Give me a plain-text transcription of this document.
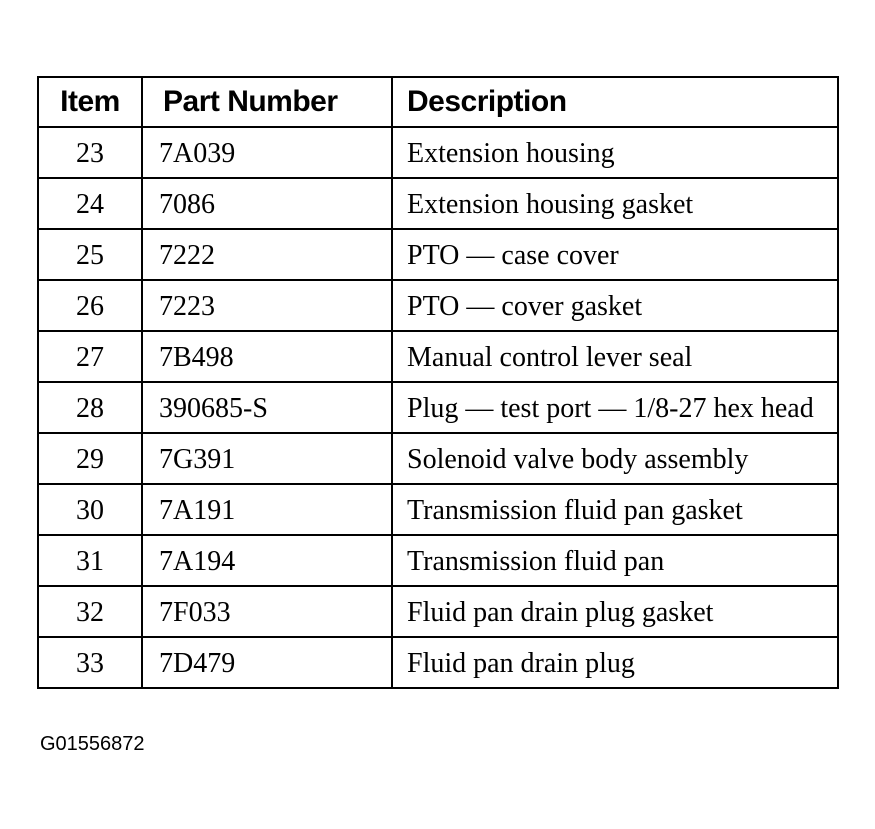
Item	Part Number	Description
23	7A039	Extension housing
24	7086	Extension housing gasket
25	7222	PTO — case cover
26	7223	PTO — cover gasket
27	7B498	Manual control lever seal
28	390685-S	Plug — test port — 1/8-27 hex head
29	7G391	Solenoid valve body assembly
30	7A191	Transmission fluid pan gasket
31	7A194	Transmission fluid pan
32	7F033	Fluid pan drain plug gasket
33	7D479	Fluid pan drain plug
G01556872
